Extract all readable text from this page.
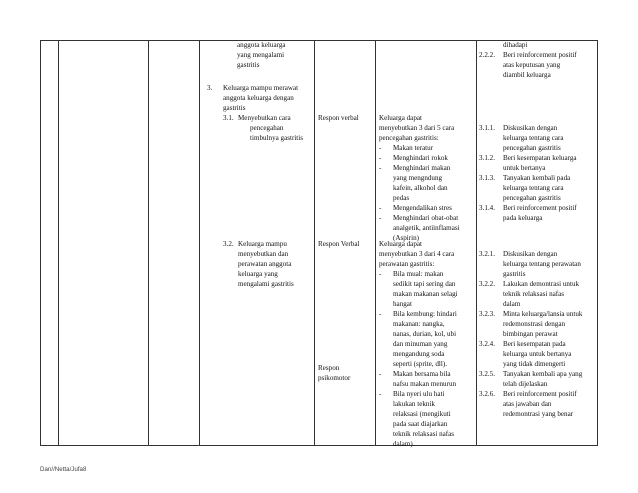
anggota keluarga
yang mengalami
gastritis
3. Keluarga mampu merawat
anggota keluarga dengan
gastritis
3.1. Menyebutkan cara
pencegahan
timbulnya gastritis
3.2. Keluarga mampu
menyebutkan dan
perawatan anggota
keluarga yang
mengalami gastritis
Respon verbal
Respon Verbal
Respon
psikomotor
Keluarga dapat
menyebutkan 3 dari 5 cara
pencegahan gastritis:
- Makan teratur
- Menghindari rokok
- Menghindari makan
yang mengndung
kafein, alkohol dan
pedas
- Mengendalikan stres
- Menghindari obat-obat
analgetik, antiinflamasi
(Aspirin)
Keluarga dapat
menyebutkan 3 dari 4 cara
perawatan gastritis:
- Bila mual: makan
sedikit tapi sering dan
makan makanan selagi
hangat
- Bila kembung: hindari
makanan: nangka,
nanas, durian, kol, ubi
dan minuman yang
mengandung soda
seperti (sprite, dll).
- Makan bersama bila
nafsu makan menurun
- Bila nyeri ulu hati
lakukan teknik
relaksasi (mengikuti
pada saat diajarkan
teknik relaksasi nafas
dalam)
dihadapi
2.2.2. Beri reinforcement positif
atas keputusan yang
diambil keluarga
3.1.1. Diskusikan dengan
keluarga tentang cara
pencegahan gastritis
3.1.2. Beri kesempatan keluarga
untuk bertanya
3.1.3. Tanyakan kembali pada
keluarga tentang cara
pencegahan gastritis
3.1.4. Beri reinforcement positif
pada keluarga
3.2.1. Diskusikan dengan
keluarga tentang perawatan
gastritis
3.2.2. Lakukan demontrasi untuk
teknik relaksasi nafas
dalam
3.2.3. Minta keluarga/lansia untuk
redemonstrasi dengan
bimbingan perawat
3.2.4. Beri kesempatan pada
keluarga untuk bertanya
yang tidak dimengerti
3.2.5. Tanyakan kembali apa yang
telah dijelaskan
3.2.6. Beri reinforcement positif
atas jawaban dan
redemontrasi yang benar
Dan//Netta/Jufa8
